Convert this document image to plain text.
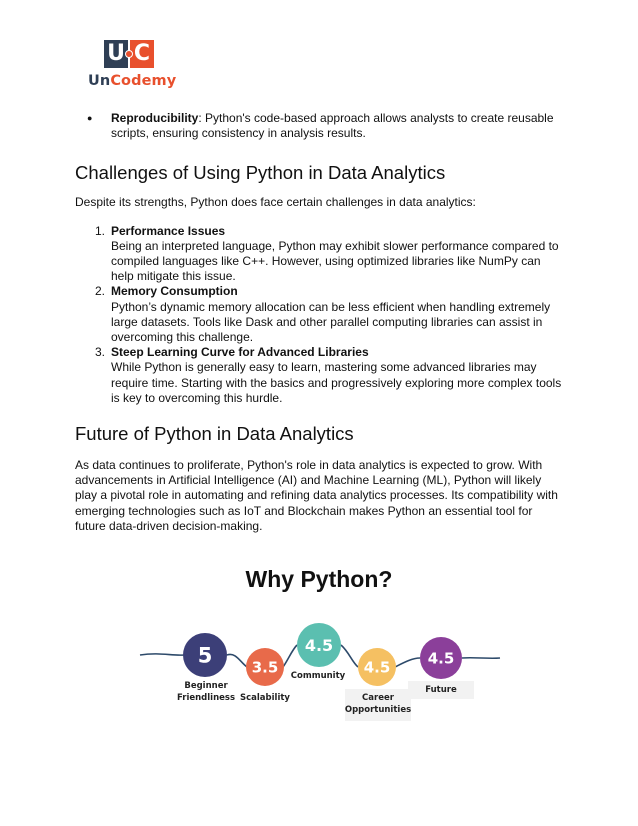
U C
UnCodemy
● Reproducibility: Python's code-based approach allows analysts to create reusable scripts, ensuring consistency in analysis results.
Challenges of Using Python in Data Analytics

Despite its strengths, Python does face certain challenges in data analytics:

1. Performance Issues
Being an interpreted language, Python may exhibit slower performance compared to compiled languages like C++. However, using optimized libraries like NumPy can help mitigate this issue.
2. Memory Consumption
Python’s dynamic memory allocation can be less efficient when handling extremely large datasets. Tools like Dask and other parallel computing libraries can assist in overcoming this challenge.
3. Steep Learning Curve for Advanced Libraries
While Python is generally easy to learn, mastering some advanced libraries may require time. Starting with the basics and progressively exploring more complex tools is key to overcoming this hurdle.
Future of Python in Data Analytics

As data continues to proliferate, Python's role in data analytics is expected to grow. With advancements in Artificial Intelligence (AI) and Machine Learning (ML), Python will likely play a pivotal role in automating and refining data analytics processes. Its compatibility with emerging technologies such as IoT and Blockchain makes Python an essential tool for future data-driven decision-making.

Why Python?
5
Beginner
Friendliness
3.5
Scalability
4.5
Community 4.5
Career
Opportunities
4.5
Future
